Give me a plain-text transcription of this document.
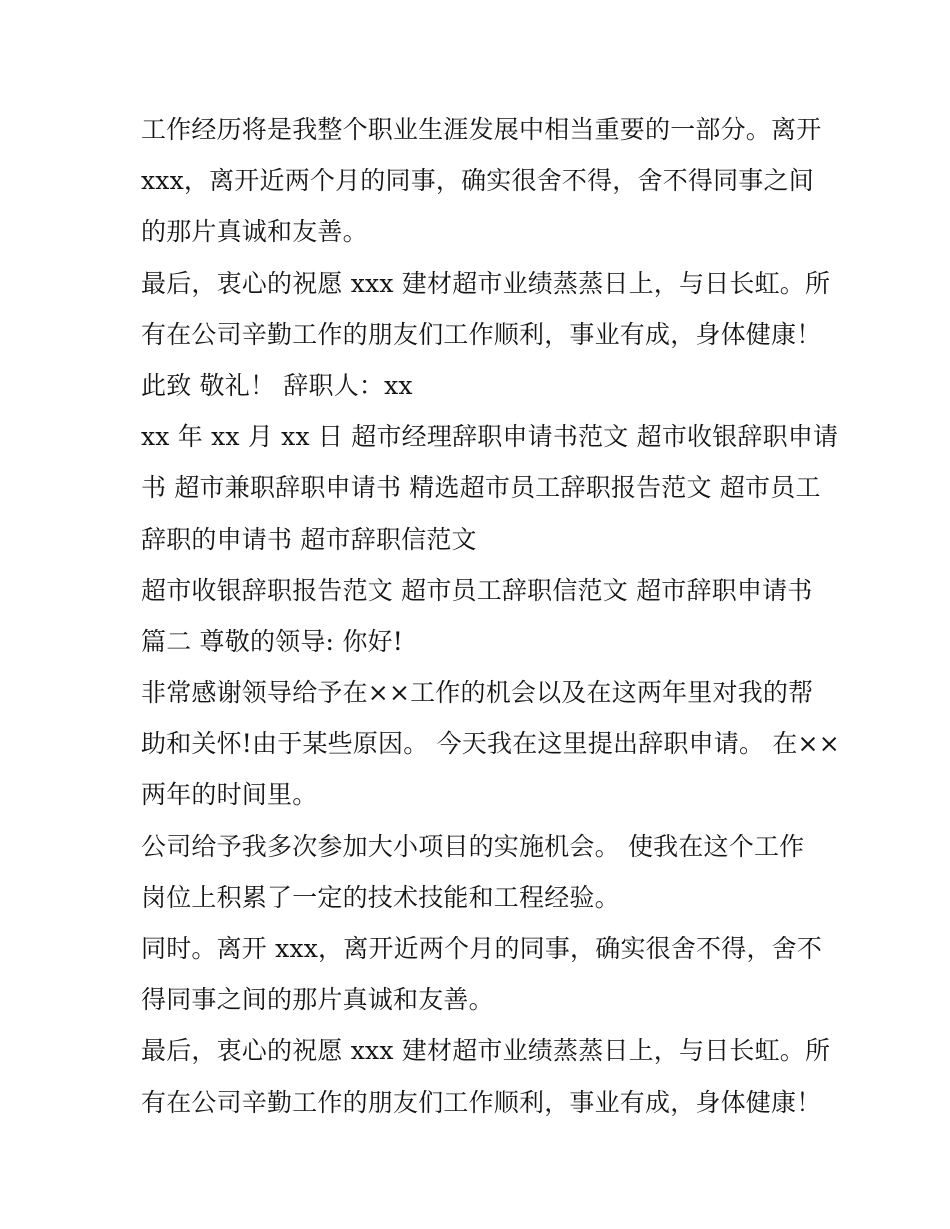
工作经历将是我整个职业生涯发展中相当重要的一部分。离开
xxx，离开近两个月的同事，确实很舍不得，舍不得同事之间
的那片真诚和友善。
最后，衷心的祝愿 xxx 建材超市业绩蒸蒸日上，与日长虹。所
有在公司辛勤工作的朋友们工作顺利，事业有成，身体健康！
此致 敬礼！ 辞职人：xx
xx 年 xx 月 xx 日 超市经理辞职申请书范文 超市收银辞职申请
书 超市兼职辞职申请书 精选超市员工辞职报告范文 超市员工
辞职的申请书 超市辞职信范文
超市收银辞职报告范文 超市员工辞职信范文 超市辞职申请书
篇二 尊敬的领导: 你好!
非常感谢领导给予在××工作的机会以及在这两年里对我的帮
助和关怀!由于某些原因。 今天我在这里提出辞职申请。 在××
两年的时间里。
公司给予我多次参加大小项目的实施机会。 使我在这个工作
岗位上积累了一定的技术技能和工程经验。
同时。离开 xxx，离开近两个月的同事，确实很舍不得，舍不
得同事之间的那片真诚和友善。
最后，衷心的祝愿 xxx 建材超市业绩蒸蒸日上，与日长虹。所
有在公司辛勤工作的朋友们工作顺利，事业有成，身体健康！
